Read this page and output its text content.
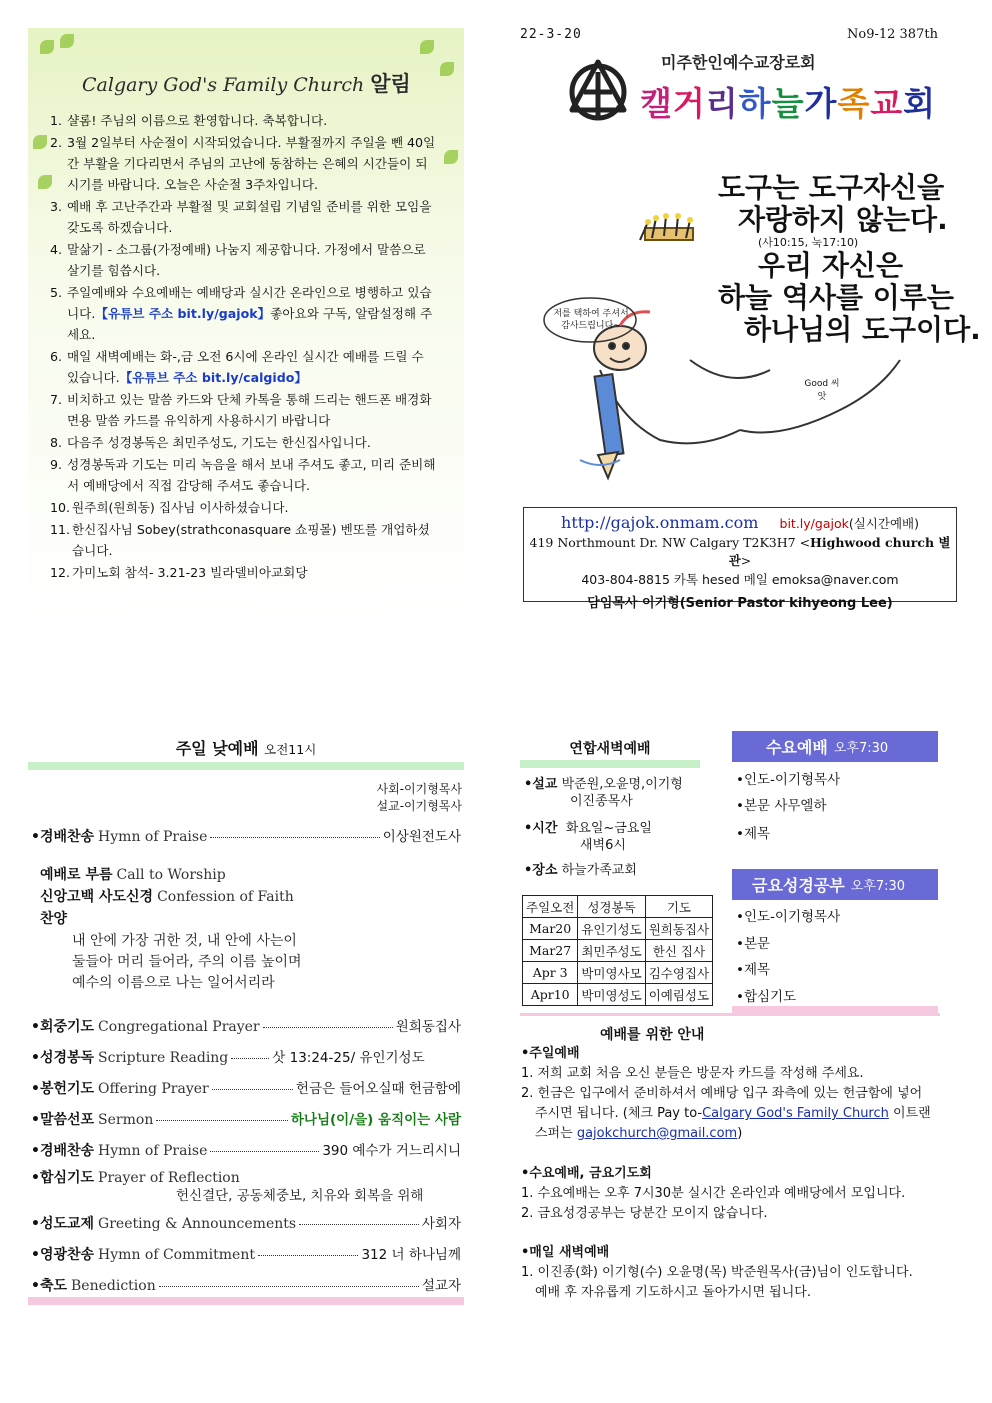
Calgary God's Family Church 알림
1. 샬롬! 주님의 이름으로 환영합니다. 축복합니다.
2. 3월 2일부터 사순절이 시작되었습니다. 부활절까지 주일을 뺀 40일간 부활을 기다리면서 주님의 고난에 동참하는 은혜의 시간들이 되시기를 바랍니다. 오늘은 사순절 3주차입니다.
3. 예배 후 고난주간과 부활절 및 교회설립 기념일 준비를 위한 모임을 갖도록 하겠습니다.
4. 말삶기 - 소그룹(가정예배) 나눔지 제공합니다. 가정에서 말씀으로 살기를 힘씁시다.
5. 주일예배와 수요예배는 예배당과 실시간 온라인으로 병행하고 있습니다.【유튜브 주소 bit.ly/gajok】좋아요와 구독, 알람설정해 주세요.
6. 매일 새벽예배는 화-,금 오전 6시에 온라인 실시간 예배를 드릴 수 있습니다.【유튜브 주소 bit.ly/calgido】
7. 비치하고 있는 말씀 카드와 단체 카톡을 통해 드리는 핸드폰 배경화면용 말씀 카드를 유익하게 사용하시기 바랍니다
8. 다음주 성경봉독은 최민주성도, 기도는 한신집사입니다.
9. 성경봉독과 기도는 미리 녹음을 해서 보내 주셔도 좋고, 미리 준비해서 예배당에서 직접 감당해 주셔도 좋습니다.
10. 원주희(원희동) 집사님 이사하셨습니다.
11. 한신집사님 Sobey(strathconasquare 쇼핑몰) 벤또를 개업하셨습니다.
12. 가미노회 참석- 3.21-23 빌라델비아교회당
22-3-20	No9-12 387th
미주한인예수교장로회
캘거리하늘가족교회
도구는 도구자신을
자랑하지 않는다.
(사10:15, 눅17:10)
우리 자신은
하늘 역사를 이루는
하나님의 도구이다.
저를 택하여 주셔서 감사드립니다~
Good 씨앗
http://gajok.onmam.com bit.ly/gajok(실시간예배)
419 Northmount Dr. NW Calgary T2K3H7 <Highwood church 별관>
403-804-8815 카톡 hesed 메일 emoksa@naver.com
담임목사 이기형(Senior Pastor kihyeong Lee)
주일 낮예배 오전11시
사회-이기형목사
설교-이기형목사
•경배찬송 Hymn of Praise	이상원전도사
예배로 부름 Call to Worship
신앙고백 사도신경 Confession of Faith
찬양
내 안에 가장 귀한 것, 내 안에 사는이
둘들아 머리 들어라, 주의 이름 높이며
예수의 이름으로 나는 일어서리라
•회중기도 Congregational Prayer	원희동집사
•성경봉독 Scripture Reading	삿 13:24-25/ 유인기성도
•봉헌기도 Offering Prayer	헌금은 들어오실때 헌금함에
•말씀선포 Sermon	하나님(이/을) 움직이는 사람
•경배찬송 Hymn of Praise	390 예수가 거느리시니
•합심기도 Prayer of Reflection
헌신결단, 공동체중보, 치유와 회복을 위해
•성도교제 Greeting & Announcements	사회자
•영광찬송 Hymn of Commitment	312 너 하나님께
•축도 Benediction	설교자
연합새벽예배
•설교 박준원,오윤명,이기형
이진종목사
•시간 화요일~금요일
새벽6시
•장소 하늘가족교회
주일오전	성경봉독	기도
Mar20	유인기성도	원희동집사
Mar27	최민주성도	한신 집사
Apr 3	박미영사모	김수영집사
Apr10	박미영성도	이예림성도
수요예배 오후7:30
•인도-이기형목사
•본문 사무엘하
•제목
금요성경공부 오후7:30
•인도-이기형목사
•본문
•제목
•합심기도
예배를 위한 안내
•주일예배
1. 저희 교회 처음 오신 분들은 방문자 카드를 작성해 주세요.
2. 헌금은 입구에서 준비하셔서 예배당 입구 좌측에 있는 헌금함에 넣어
주시면 됩니다. (체크 Pay to-Calgary God's Family Church 이트랜
스퍼는 gajokchurch@gmail.com)
•수요예배, 금요기도회
1. 수요예배는 오후 7시30분 실시간 온라인과 예배당에서 모입니다.
2. 금요성경공부는 당분간 모이지 않습니다.
•매일 새벽예배
1. 이진종(화) 이기형(수) 오윤명(목) 박준원목사(금)님이 인도합니다.
예배 후 자유롭게 기도하시고 돌아가시면 됩니다.
